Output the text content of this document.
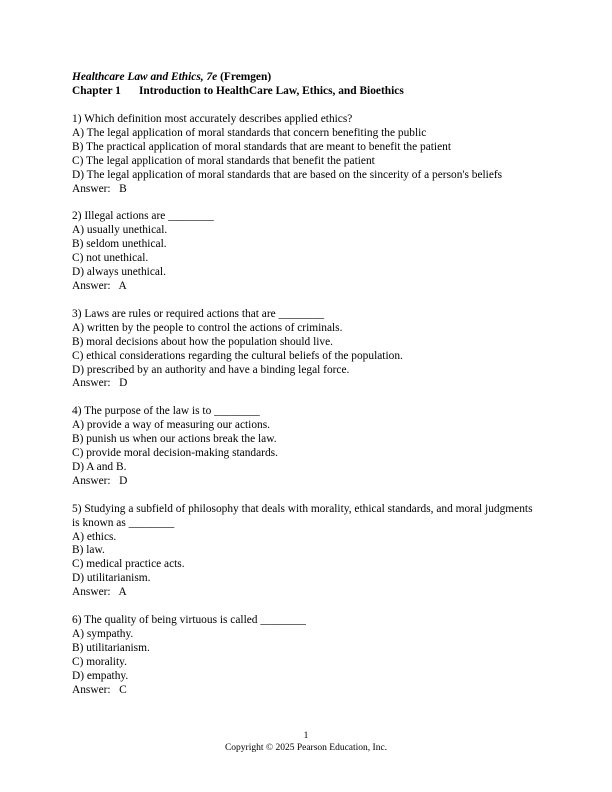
Healthcare Law and Ethics, 7e (Fremgen)
Chapter 1 Introduction to HealthCare Law, Ethics, and Bioethics
1) Which definition most accurately describes applied ethics?
A) The legal application of moral standards that concern benefiting the public
B) The practical application of moral standards that are meant to benefit the patient
C) The legal application of moral standards that benefit the patient
D) The legal application of moral standards that are based on the sincerity of a person's beliefs
Answer:   B
2) Illegal actions are ________
A) usually unethical.
B) seldom unethical.
C) not unethical.
D) always unethical.
Answer:   A
3) Laws are rules or required actions that are ________
A) written by the people to control the actions of criminals.
B) moral decisions about how the population should live.
C) ethical considerations regarding the cultural beliefs of the population.
D) prescribed by an authority and have a binding legal force.
Answer:   D
4) The purpose of the law is to ________
A) provide a way of measuring our actions.
B) punish us when our actions break the law.
C) provide moral decision-making standards.
D) A and B.
Answer:   D
5) Studying a subfield of philosophy that deals with morality, ethical standards, and moral judgments is known as ________
A) ethics.
B) law.
C) medical practice acts.
D) utilitarianism.
Answer:   A
6) The quality of being virtuous is called ________
A) sympathy.
B) utilitarianism.
C) morality.
D) empathy.
Answer:   C
1
Copyright © 2025 Pearson Education, Inc.
